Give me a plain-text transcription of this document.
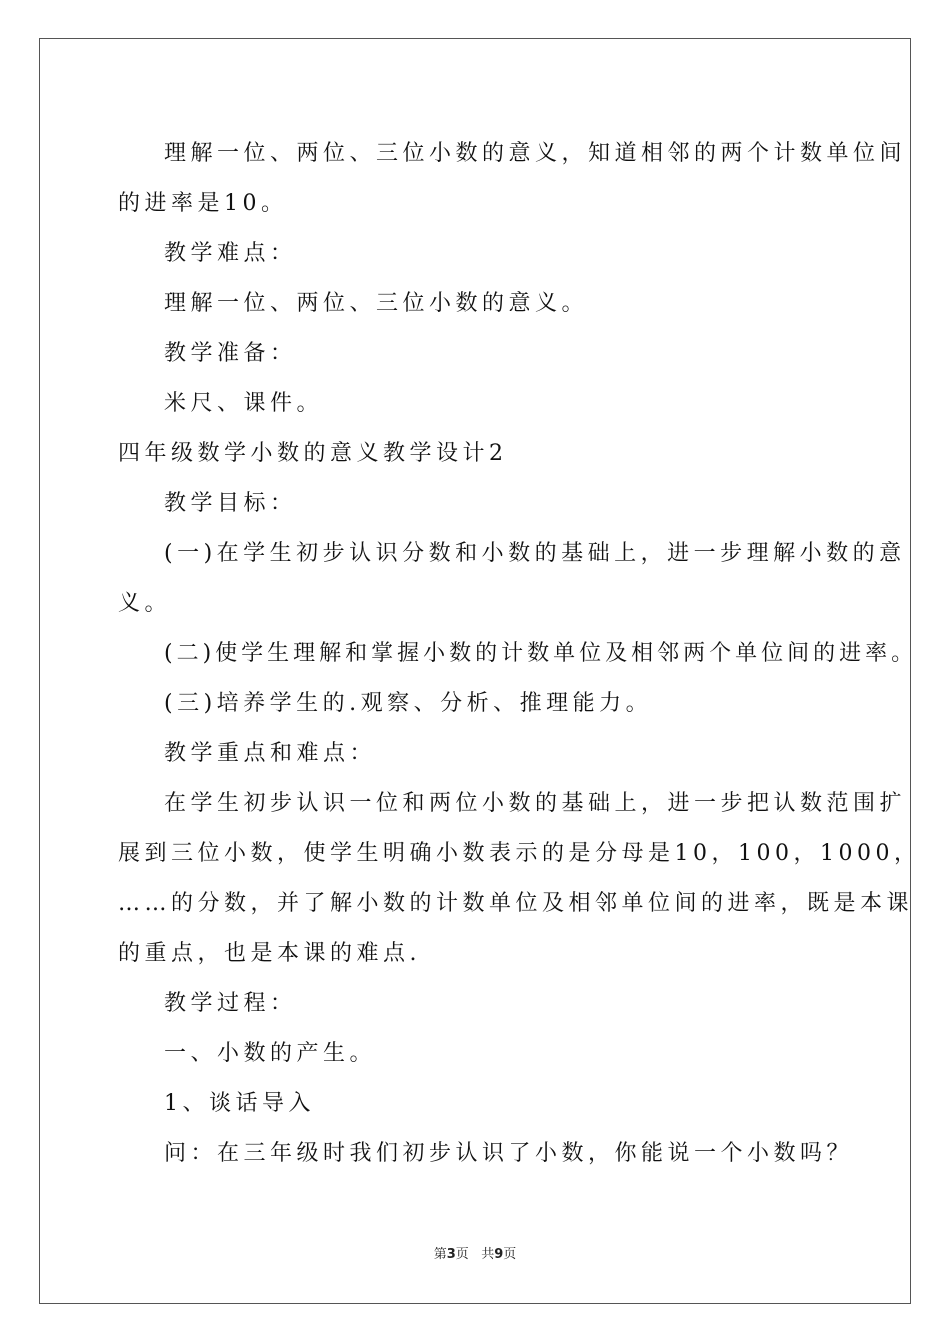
理解一位、两位、三位小数的意义，知道相邻的两个计数单位间

的进率是10。

教学难点：

理解一位、两位、三位小数的意义。

教学准备：

米尺、课件。

四年级数学小数的意义教学设计2

教学目标：

(一)在学生初步认识分数和小数的基础上，进一步理解小数的意

义。

(二)使学生理解和掌握小数的计数单位及相邻两个单位间的进率。

(三)培养学生的.观察、分析、推理能力。

教学重点和难点：

在学生初步认识一位和两位小数的基础上，进一步把认数范围扩

展到三位小数，使学生明确小数表示的是分母是10，100，1000，

……的分数，并了解小数的计数单位及相邻单位间的进率，既是本课

的重点，也是本课的难点.

教学过程：

一、小数的产生。

1、谈话导入

问：在三年级时我们初步认识了小数，你能说一个小数吗？

第3页 共9页
